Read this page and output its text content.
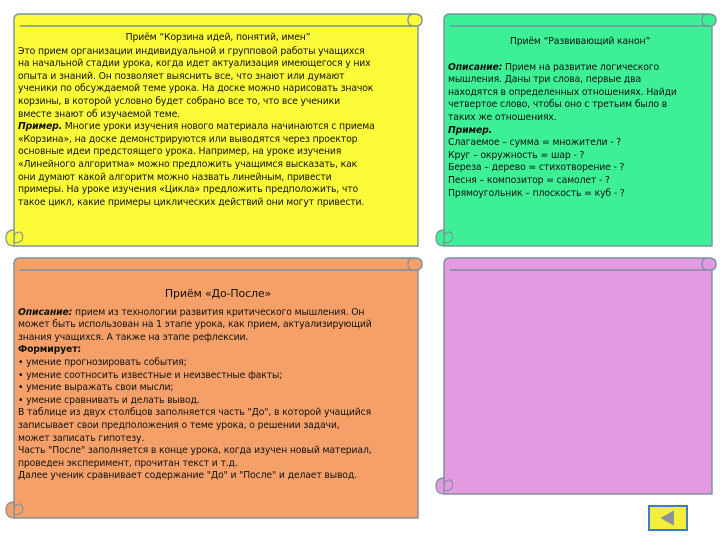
Приём “Корзина идей, понятий, имен”
Это прием организации индивидуальной и групповой работы учащихся
на начальной стадии урока, когда идет актуализация имеющегося у них
опыта и знаний. Он позволяет выяснить все, что знают или думают
ученики по обсуждаемой теме урока. На доске можно нарисовать значок
корзины, в которой условно будет собрано все то, что все ученики
вместе знают об изучаемой теме.
Пример. Многие уроки изучения нового материала начинаются с приема
«Корзина», на доске демонстрируются или выводятся через проектор
основные идеи предстоящего урока. Например, на уроке изучения
«Линейного алгоритма» можно предложить учащимся высказать, как
они думают какой алгоритм можно назвать линейным, привести
примеры. На уроке изучения «Цикла» предложить предположить, что
такое цикл, какие примеры циклических действий они могут привести.
Приём “Развивающий канон”
Описание: Прием на развитие логического
мышления. Даны три слова, первые два
находятся в определенных отношениях. Найди
четвертое слово, чтобы оно с третьим было в
таких же отношениях.
Пример.
Слагаемое – сумма = множители - ?
Круг – окружность = шар - ?
Береза – дерево = стихотворение - ?
Песня – композитор = самолет - ?
Прямоугольник – плоскость = куб - ?
Приём «До-После»
Описание: прием из технологии развития критического мышления. Он
может быть использован на 1 этапе урока, как прием, актуализирующий
знания учащихся. А также на этапе рефлексии.
Формирует:
• умение прогнозировать события;
• умение соотносить известные и неизвестные факты;
• умение выражать свои мысли;
• умение сравнивать и делать вывод.
В таблице из двух столбцов заполняется часть "До", в которой учащийся
записывает свои предположения о теме урока, о решении задачи,
может записать гипотезу.
Часть "После" заполняется в конце урока, когда изучен новый материал,
проведен эксперимент, прочитан текст и т.д.
Далее ученик сравнивает содержание "До" и "После" и делает вывод.
